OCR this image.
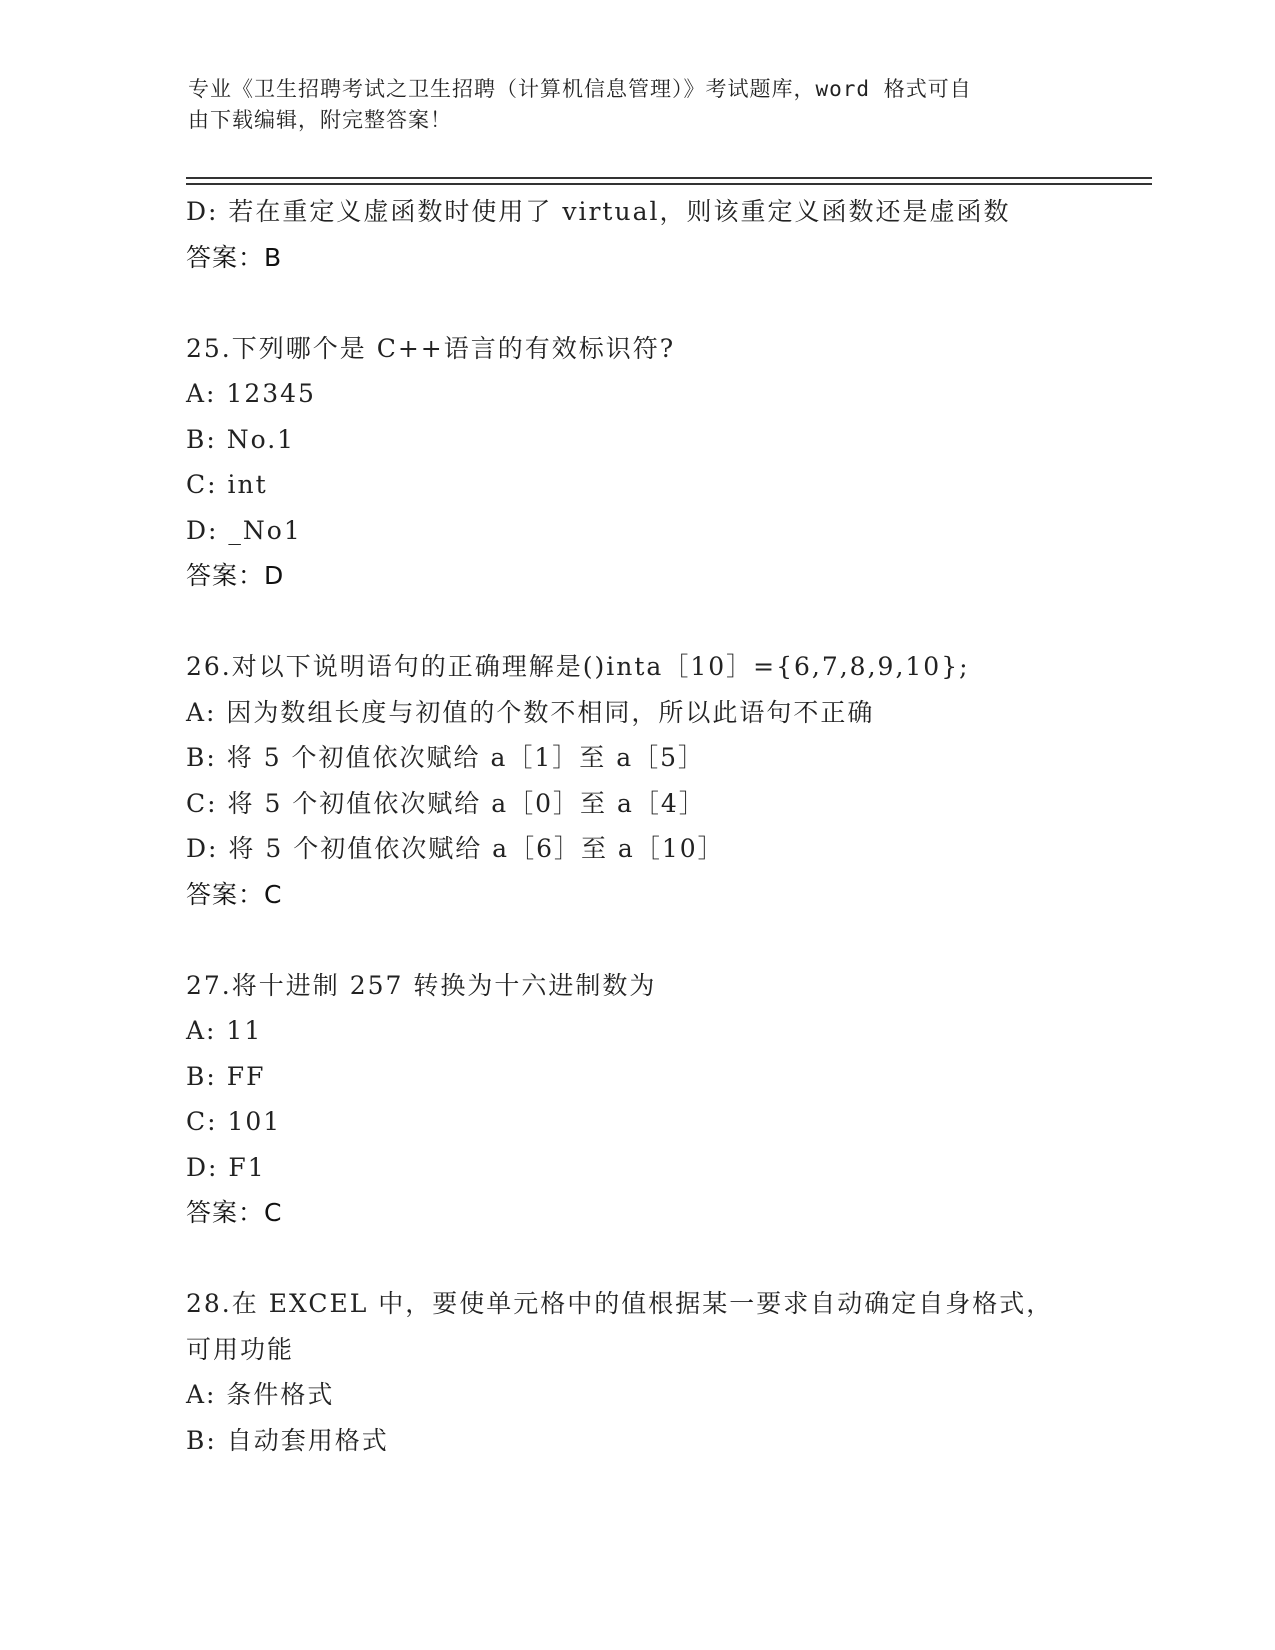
专业《卫生招聘考试之卫生招聘（计算机信息管理）》考试题库，word 格式可自
由下载编辑，附完整答案！
D: 若在重定义虚函数时使用了 virtual，则该重定义函数还是虚函数
答案：B
25.下列哪个是 C++语言的有效标识符?
A: 12345
B: No.1
C: int
D: _No1
答案：D
26.对以下说明语句的正确理解是()inta［10］={6,7,8,9,10};
A: 因为数组长度与初值的个数不相同，所以此语句不正确
B: 将 5 个初值依次赋给 a［1］至 a［5］
C: 将 5 个初值依次赋给 a［0］至 a［4］
D: 将 5 个初值依次赋给 a［6］至 a［10］
答案：C
27.将十进制 257 转换为十六进制数为
A: 11
B: FF
C: 101
D: F1
答案：C
28.在 EXCEL 中，要使单元格中的值根据某一要求自动确定自身格式，
可用功能
A: 条件格式
B: 自动套用格式
